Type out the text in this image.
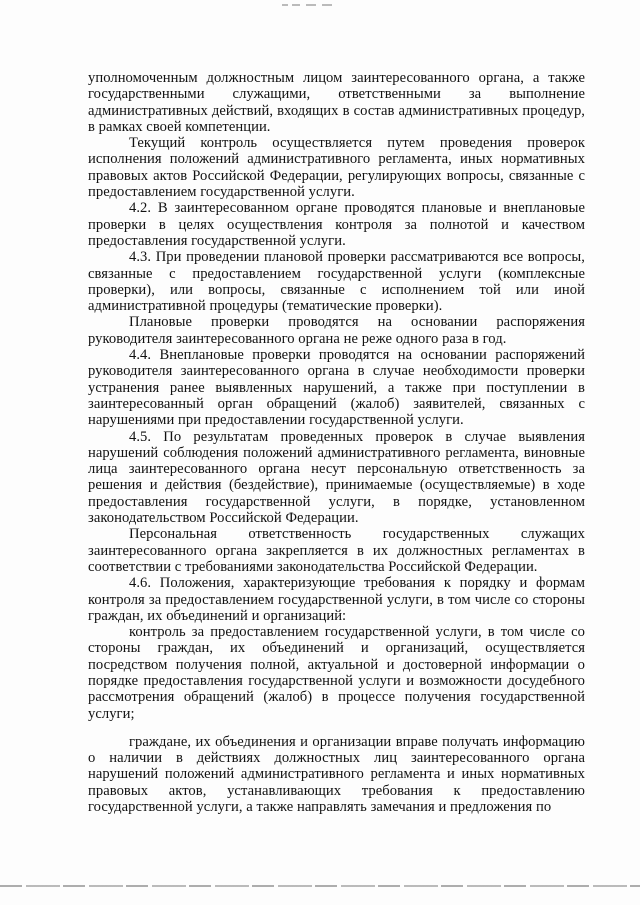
уполномоченным должностным лицом заинтересованного органа, а также государственными служащими, ответственными за выполнение административных действий, входящих в состав административных процедур, в рамках своей компетенции.

Текущий контроль осуществляется путем проведения проверок исполнения положений административного регламента, иных нормативных правовых актов Российской Федерации, регулирующих вопросы, связанные с предоставлением государственной услуги.

4.2. В заинтересованном органе проводятся плановые и внеплановые проверки в целях осуществления контроля за полнотой и качеством предоставления государственной услуги.

4.3. При проведении плановой проверки рассматриваются все вопросы, связанные с предоставлением государственной услуги (комплексные проверки), или вопросы, связанные с исполнением той или иной административной процедуры (тематические проверки).

Плановые проверки проводятся на основании распоряжения руководителя заинтересованного органа не реже одного раза в год.

4.4. Внеплановые проверки проводятся на основании распоряжений руководителя заинтересованного органа в случае необходимости проверки устранения ранее выявленных нарушений, а также при поступлении в заинтересованный орган обращений (жалоб) заявителей, связанных с нарушениями при предоставлении государственной услуги.

4.5. По результатам проведенных проверок в случае выявления нарушений соблюдения положений административного регламента, виновные лица заинтересованного органа несут персональную ответственность за решения и действия (бездействие), принимаемые (осуществляемые) в ходе предоставления государственной услуги, в порядке, установленном законодательством Российской Федерации.

Персональная ответственность государственных служащих заинтересованного органа закрепляется в их должностных регламентах в соответствии с требованиями законодательства Российской Федерации.

4.6. Положения, характеризующие требования к порядку и формам контроля за предоставлением государственной услуги, в том числе со стороны граждан, их объединений и организаций:

контроль за предоставлением государственной услуги, в том числе со стороны граждан, их объединений и организаций, осуществляется посредством получения полной, актуальной и достоверной информации о порядке предоставления государственной услуги и возможности досудебного рассмотрения обращений (жалоб) в процессе получения государственной услуги;

граждане, их объединения и организации вправе получать информацию о наличии в действиях должностных лиц заинтересованного органа нарушений положений административного регламента и иных нормативных правовых актов, устанавливающих требования к предоставлению государственной услуги, а также направлять замечания и предложения по
